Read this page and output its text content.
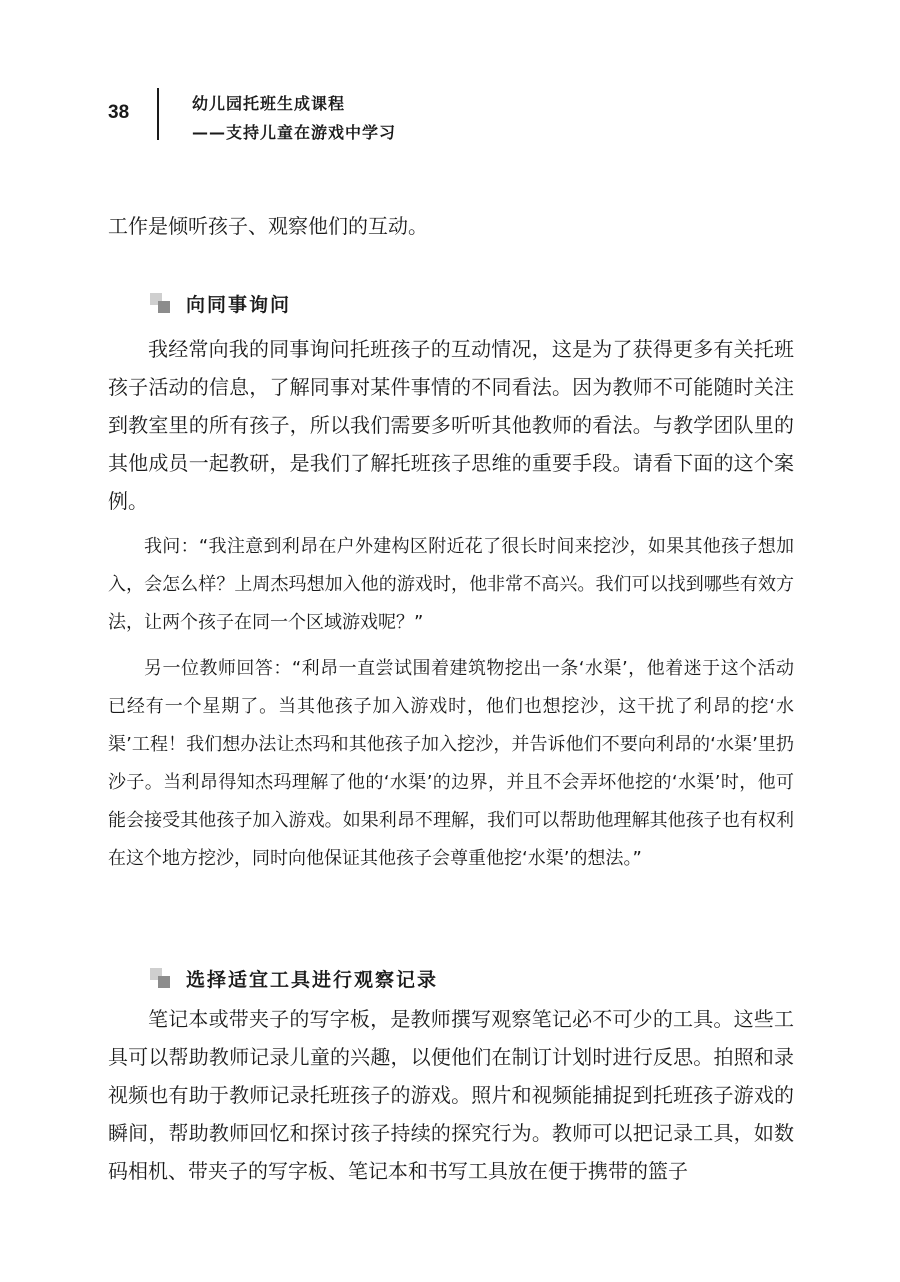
38	幼儿园托班生成课程
——支持儿童在游戏中学习

工作是倾听孩子、观察他们的互动。

向同事询问

我经常向我的同事询问托班孩子的互动情况，这是为了获得更多有关托班孩子活动的信息，了解同事对某件事情的不同看法。因为教师不可能随时关注到教室里的所有孩子，所以我们需要多听听其他教师的看法。与教学团队里的其他成员一起教研，是我们了解托班孩子思维的重要手段。请看下面的这个案例。

我问：“我注意到利昂在户外建构区附近花了很长时间来挖沙，如果其他孩子想加入，会怎么样？上周杰玛想加入他的游戏时，他非常不高兴。我们可以找到哪些有效方法，让两个孩子在同一个区域游戏呢？”

另一位教师回答：“利昂一直尝试围着建筑物挖出一条‘水渠’，他着迷于这个活动已经有一个星期了。当其他孩子加入游戏时，他们也想挖沙，这干扰了利昂的挖‘水渠’工程！我们想办法让杰玛和其他孩子加入挖沙，并告诉他们不要向利昂的‘水渠’里扔沙子。当利昂得知杰玛理解了他的‘水渠’的边界，并且不会弄坏他挖的‘水渠’时，他可能会接受其他孩子加入游戏。如果利昂不理解，我们可以帮助他理解其他孩子也有权利在这个地方挖沙，同时向他保证其他孩子会尊重他挖‘水渠’的想法。”

选择适宜工具进行观察记录

笔记本或带夹子的写字板，是教师撰写观察笔记必不可少的工具。这些工具可以帮助教师记录儿童的兴趣，以便他们在制订计划时进行反思。拍照和录视频也有助于教师记录托班孩子的游戏。照片和视频能捕捉到托班孩子游戏的瞬间，帮助教师回忆和探讨孩子持续的探究行为。教师可以把记录工具，如数码相机、带夹子的写字板、笔记本和书写工具放在便于携带的篮子
